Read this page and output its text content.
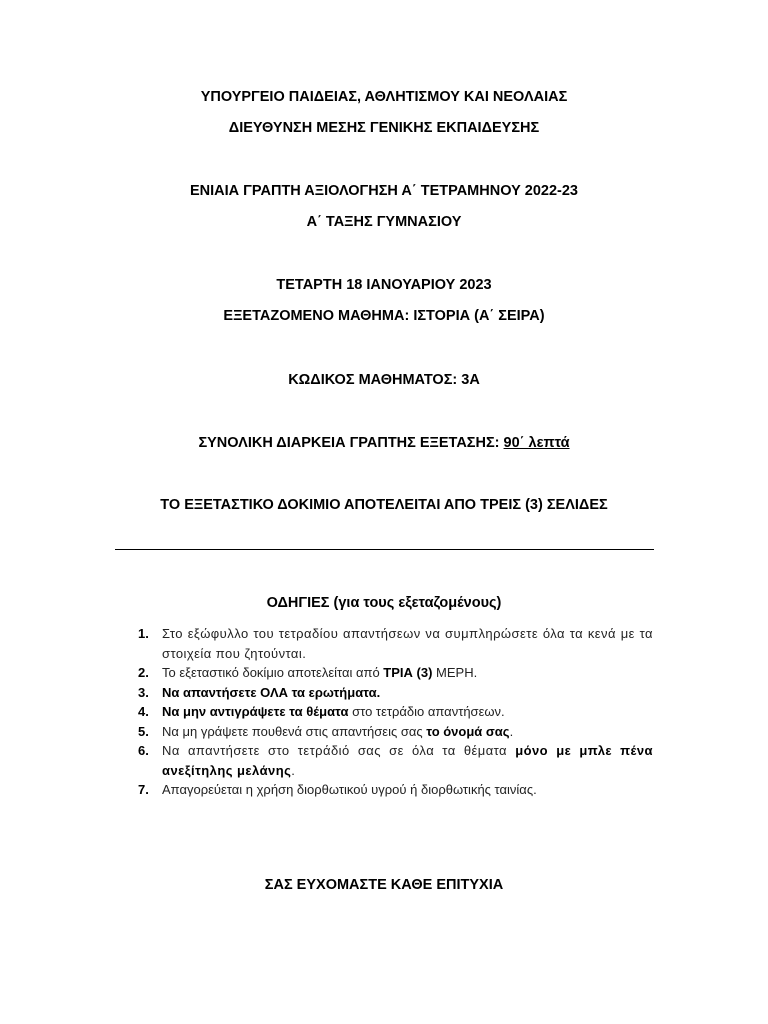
ΥΠΟΥΡΓΕΙΟ ΠΑΙΔΕΙΑΣ, ΑΘΛΗΤΙΣΜΟΥ ΚΑΙ ΝΕΟΛΑΙΑΣ
ΔΙΕΥΘΥΝΣΗ ΜΕΣΗΣ ΓΕΝΙΚΗΣ ΕΚΠΑΙΔΕΥΣΗΣ
ΕΝΙΑΙΑ ΓΡΑΠΤΗ ΑΞΙΟΛΟΓΗΣΗ Α΄ ΤΕΤΡΑΜΗΝΟΥ 2022-23
Α΄ ΤΑΞΗΣ ΓΥΜΝΑΣΙΟΥ
ΤΕΤΑΡΤΗ 18 ΙΑΝΟΥΑΡΙΟΥ 2023
ΕΞΕΤΑΖΟΜΕΝΟ ΜΑΘΗΜΑ: ΙΣΤΟΡΙΑ (Α΄ ΣΕΙΡΑ)
ΚΩΔΙΚΟΣ ΜΑΘΗΜΑΤΟΣ: 3Α
ΣΥΝΟΛΙΚΗ ΔΙΑΡΚΕΙΑ ΓΡΑΠΤΗΣ ΕΞΕΤΑΣΗΣ: 90΄ λεπτά
ΤΟ ΕΞΕΤΑΣΤΙΚΟ ΔΟΚΙΜΙΟ ΑΠΟΤΕΛΕΙΤΑΙ ΑΠΟ ΤΡΕΙΣ (3) ΣΕΛΙΔΕΣ
ΟΔΗΓΙΕΣ (για τους εξεταζομένους)
1.	Στο εξώφυλλο του τετραδίου απαντήσεων να συμπληρώσετε όλα τα κενά με τα στοιχεία που ζητούνται.
2.	Το εξεταστικό δοκίμιο αποτελείται από ΤΡΙΑ (3) ΜΕΡΗ.
3.	Να απαντήσετε ΟΛΑ τα ερωτήματα.
4.	Να μην αντιγράψετε τα θέματα στο τετράδιο απαντήσεων.
5.	Να μη γράψετε πουθενά στις απαντήσεις σας το όνομά σας.
6.	Να απαντήσετε στο τετράδιό σας σε όλα τα θέματα μόνο με μπλε πένα ανεξίτηλης μελάνης.
7.	Απαγορεύεται η χρήση διορθωτικού υγρού ή διορθωτικής ταινίας.
ΣΑΣ ΕΥΧΟΜΑΣΤΕ ΚΑΘΕ ΕΠΙΤΥΧΙΑ
